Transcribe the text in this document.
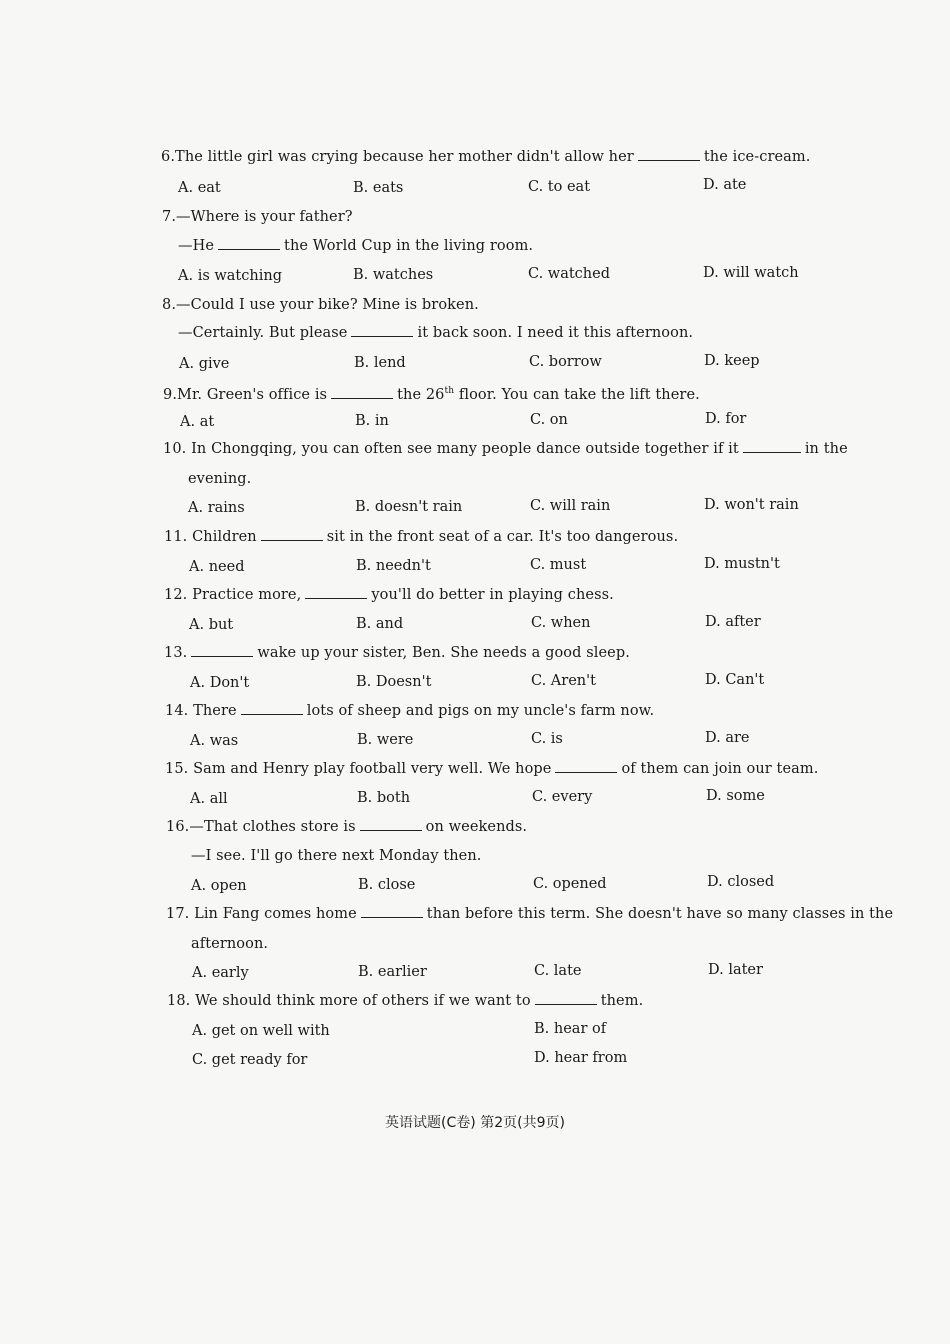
6.The little girl was crying because her mother didn't allow her	the ice-cream.
A. eat	B. eats	C. to eat	D. ate
7.—Where is your father?
—He	the World Cup in the living room.
A. is watching	B. watches	C. watched	D. will watch
8.—Could I use your bike? Mine is broken.
—Certainly. But please	it back soon. I need it this afternoon.
A. give	B. lend	C. borrow	D. keep
9.Mr. Green's office is	the 26th floor. You can take the lift there.
A. at	B. in	C. on	D. for
10. In Chongqing, you can often see many people dance outside together if it	in the
evening.
A. rains	B. doesn't rain	C. will rain	D. won't rain
11. Children	sit in the front seat of a car. It's too dangerous.
A. need	B. needn't	C. must	D. mustn't
12. Practice more,	you'll do better in playing chess.
A. but	B. and	C. when	D. after
13.	wake up your sister, Ben. She needs a good sleep.
A. Don't	B. Doesn't	C. Aren't	D. Can't
14. There	lots of sheep and pigs on my uncle's farm now.
A. was	B. were	C. is	D. are
15. Sam and Henry play football very well. We hope	of them can join our team.
A. all	B. both	C. every	D. some
16.—That clothes store is	on weekends.
—I see. I'll go there next Monday then.
A. open	B. close	C. opened	D. closed
17. Lin Fang comes home	than before this term. She doesn't have so many classes in the
afternoon.
A. early	B. earlier	C. late	D. later
18. We should think more of others if we want to	them.
A. get on well with	B. hear of
C. get ready for	D. hear from
英语试题(C卷) 第2页(共9页)
